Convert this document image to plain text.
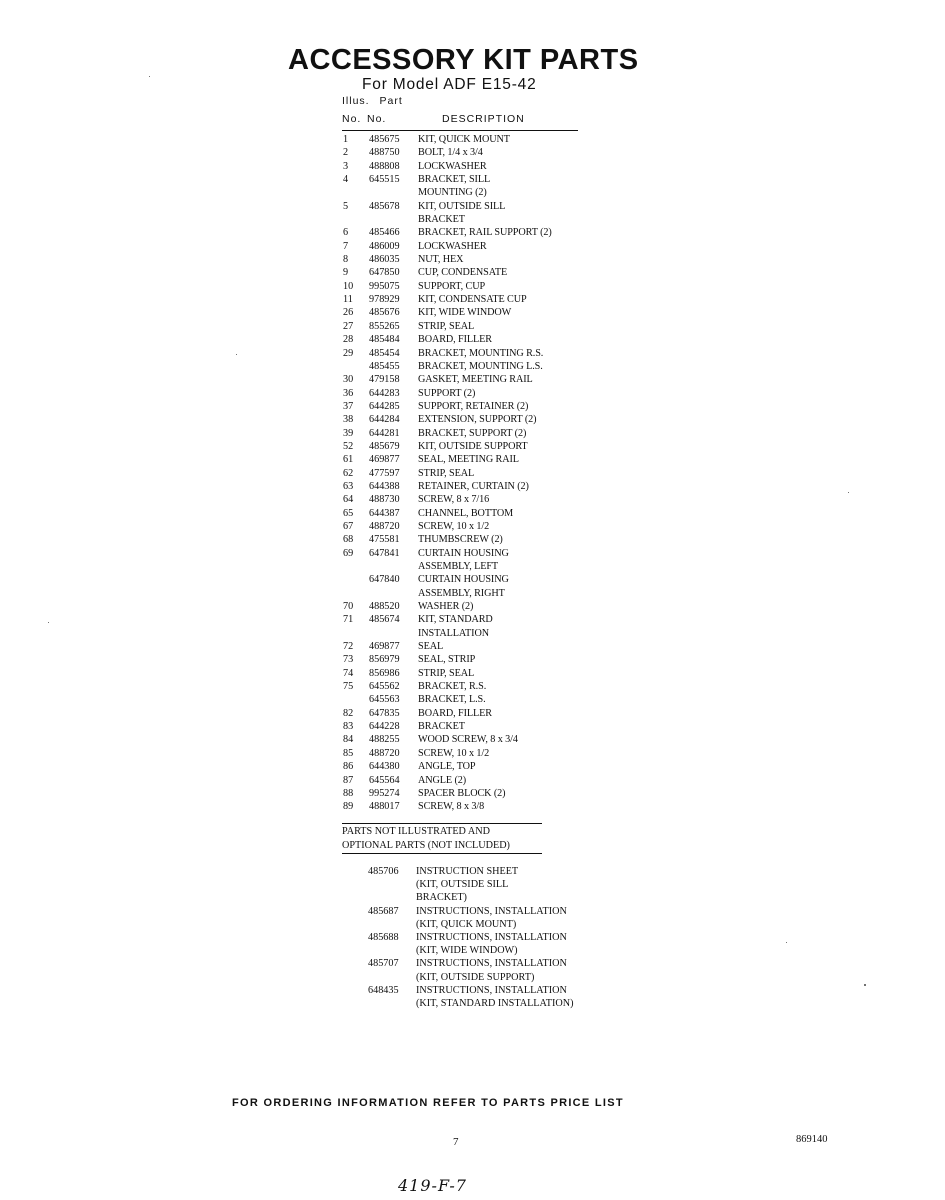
ACCESSORY KIT PARTS
For Model ADF E15-42
Illus. Part
No. No.	DESCRIPTION
1 485675 KIT, QUICK MOUNT
2 488750 BOLT, 1/4 x 3/4
3 488808 LOCKWASHER
4 645515 BRACKET, SILL
MOUNTING (2)
5 485678 KIT, OUTSIDE SILL
BRACKET
6 485466 BRACKET, RAIL SUPPORT (2)
7 486009 LOCKWASHER
8 486035 NUT, HEX
9 647850 CUP, CONDENSATE
10 995075 SUPPORT, CUP
11 978929 KIT, CONDENSATE CUP
26 485676 KIT, WIDE WINDOW
27 855265 STRIP, SEAL
28 485484 BOARD, FILLER
29 485454 BRACKET, MOUNTING R.S.
485455 BRACKET, MOUNTING L.S.
30 479158 GASKET, MEETING RAIL
36 644283 SUPPORT (2)
37 644285 SUPPORT, RETAINER (2)
38 644284 EXTENSION, SUPPORT (2)
39 644281 BRACKET, SUPPORT (2)
52 485679 KIT, OUTSIDE SUPPORT
61 469877 SEAL, MEETING RAIL
62 477597 STRIP, SEAL
63 644388 RETAINER, CURTAIN (2)
64 488730 SCREW, 8 x 7/16
65 644387 CHANNEL, BOTTOM
67 488720 SCREW, 10 x 1/2
68 475581 THUMBSCREW (2)
69 647841 CURTAIN HOUSING
ASSEMBLY, LEFT
647840 CURTAIN HOUSING
ASSEMBLY, RIGHT
70 488520 WASHER (2)
71 485674 KIT, STANDARD
INSTALLATION
72 469877 SEAL
73 856979 SEAL, STRIP
74 856986 STRIP, SEAL
75 645562 BRACKET, R.S.
645563 BRACKET, L.S.
82 647835 BOARD, FILLER
83 644228 BRACKET
84 488255 WOOD SCREW, 8 x 3/4
85 488720 SCREW, 10 x 1/2
86 644380 ANGLE, TOP
87 645564 ANGLE (2)
88 995274 SPACER BLOCK (2)
89 488017 SCREW, 8 x 3/8
PARTS NOT ILLUSTRATED AND
OPTIONAL PARTS (NOT INCLUDED)
485706 INSTRUCTION SHEET
(KIT, OUTSIDE SILL
BRACKET)
485687 INSTRUCTIONS, INSTALLATION
(KIT, QUICK MOUNT)
485688 INSTRUCTIONS, INSTALLATION
(KIT, WIDE WINDOW)
485707 INSTRUCTIONS, INSTALLATION
(KIT, OUTSIDE SUPPORT)
648435 INSTRUCTIONS, INSTALLATION
(KIT, STANDARD INSTALLATION)
FOR ORDERING INFORMATION REFER TO PARTS PRICE LIST
7	869140
419-F-7
